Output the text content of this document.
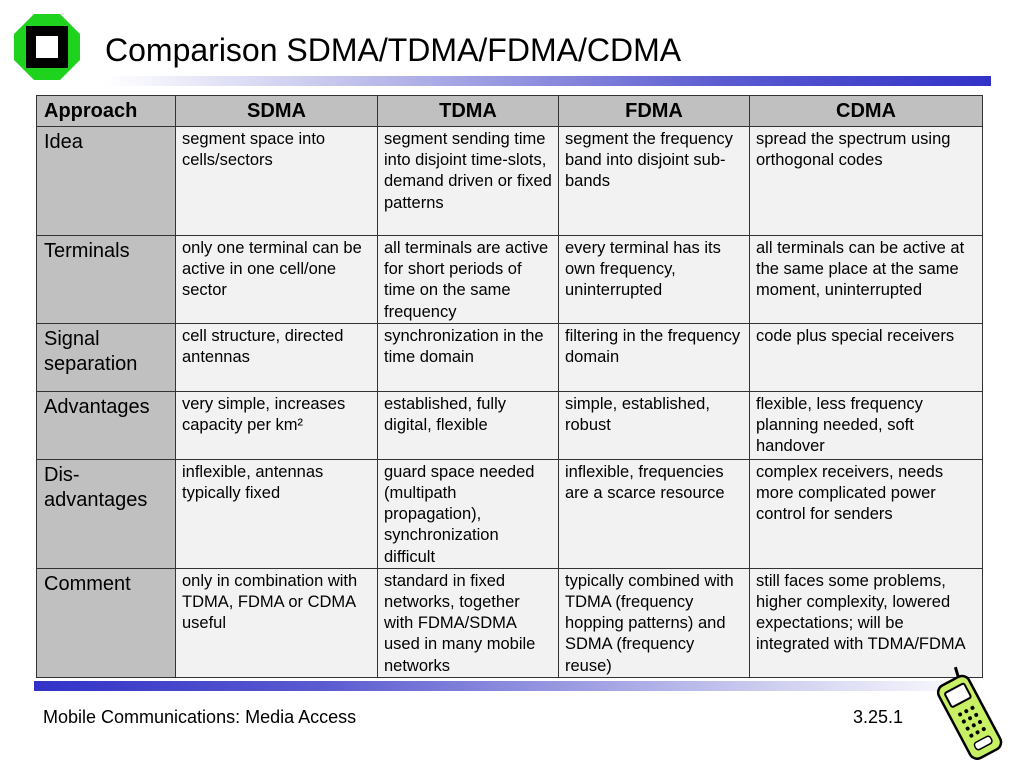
Comparison SDMA/TDMA/FDMA/CDMA
Approach	SDMA	TDMA	FDMA	CDMA
Idea	segment space into cells/sectors	segment sending time into disjoint time-slots, demand driven or fixed patterns	segment the frequency band into disjoint sub-bands	spread the spectrum using orthogonal codes
Terminals	only one terminal can be active in one cell/one sector	all terminals are active for short periods of time on the same frequency	every terminal has its own frequency, uninterrupted	all terminals can be active at the same place at the same moment, uninterrupted
Signal separation	cell structure, directed antennas	synchronization in the time domain	filtering in the frequency domain	code plus special receivers
Advantages	very simple, increases capacity per km²	established, fully digital, flexible	simple, established, robust	flexible, less frequency planning needed, soft handover
Dis-advantages	inflexible, antennas typically fixed	guard space needed (multipath propagation), synchronization difficult	inflexible, frequencies are a scarce resource	complex receivers, needs more complicated power control for senders
Comment	only in combination with TDMA, FDMA or CDMA useful	standard in fixed networks, together with FDMA/SDMA used in many mobile networks	typically combined with TDMA (frequency hopping patterns) and SDMA (frequency reuse)	still faces some problems, higher complexity, lowered expectations; will be integrated with TDMA/FDMA
Mobile Communications: Media Access	3.25.1
